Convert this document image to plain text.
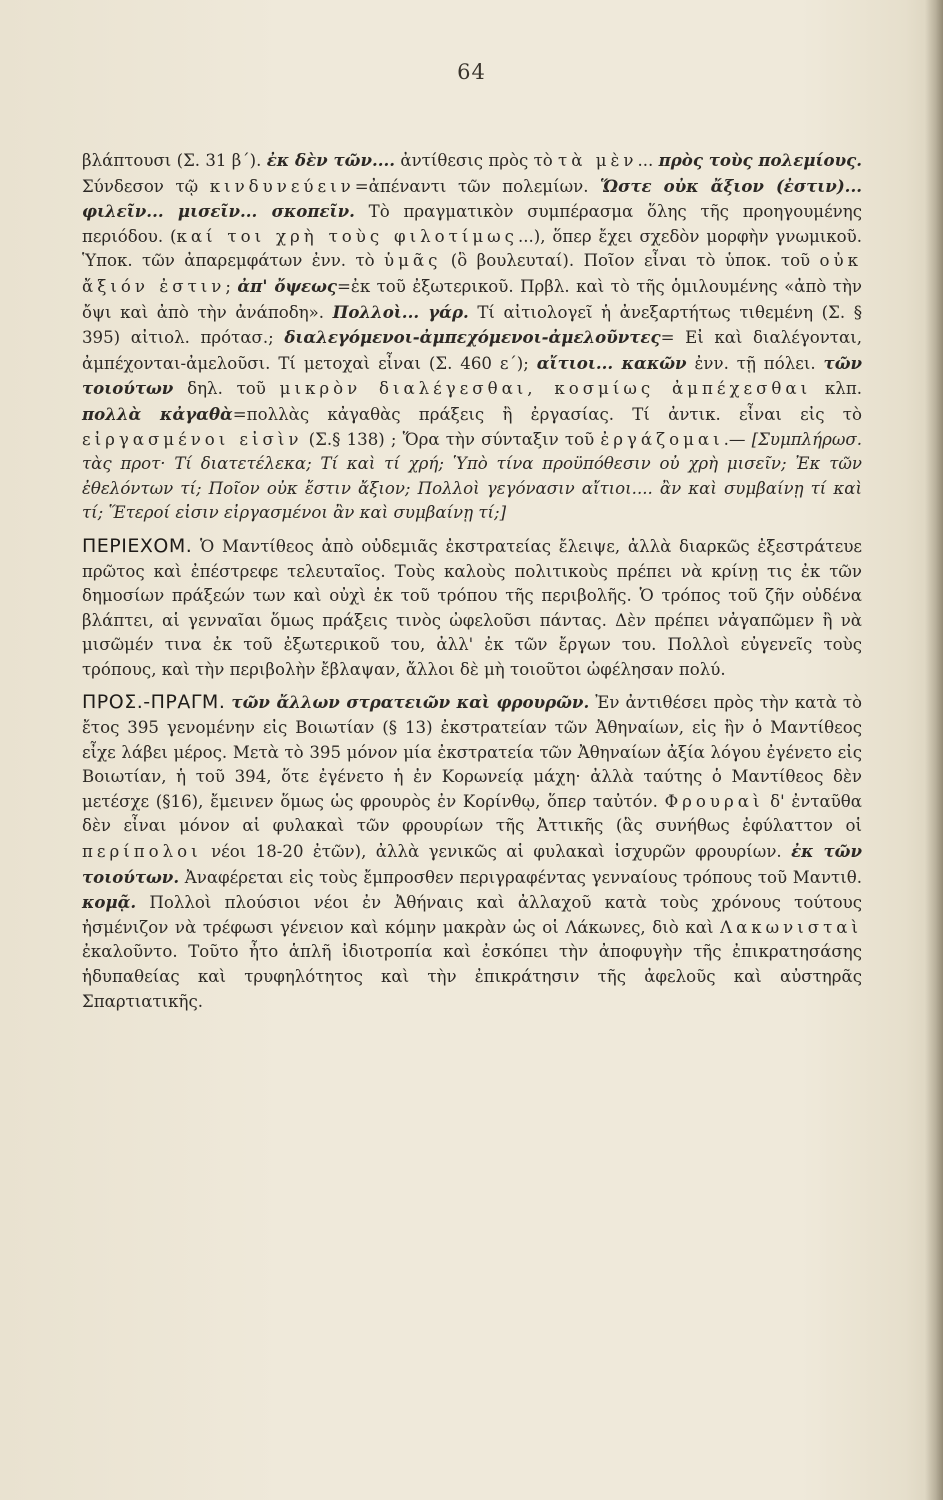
64

βλάπτουσι (Σ. 31 β΄). ἐκ δὲν τῶν.... ἀντίθεσις πρὸς τὸ τὰ μὲν... πρὸς τοὺς πολεμίους. Σύνδεσον τῷ κινδυνεύειν=ἀπέναντι τῶν πολεμίων. Ὥστε οὐκ ἄξιον (ἐστιν)... φιλεῖν... μισεῖν... σκοπεῖν. Τὸ πραγματικὸν συμπέρασμα ὅλης τῆς προηγουμένης περιόδου. (καί τοι χρὴ τοὺς φιλοτίμως...), ὅπερ ἔχει σχεδὸν μορφὴν γνωμικοῦ. Ὑποκ. τῶν ἀπαρεμφάτων ἐνν. τὸ ὑμᾶς (ὃ βουλευταί). Ποῖον εἶναι τὸ ὑποκ. τοῦ οὐκ ἄξιόν ἐστιν; ἀπ' ὄψεως=ἐκ τοῦ ἐξωτερικοῦ. Πρβλ. καὶ τὸ τῆς ὁμιλουμένης «ἀπὸ τὴν ὄψι καὶ ἀπὸ τὴν ἀνάποδη». Πολλοὶ... γάρ. Τί αἰτιολογεῖ ἡ ἀνεξαρτήτως τιθεμένη (Σ. § 395) αἰτιολ. πρότασ.; διαλεγόμενοι-ἀμπεχόμενοι-ἀμελοῦντες= Εἰ καὶ διαλέγονται, ἀμπέχονται-ἀμελοῦσι. Τί μετοχαὶ εἶναι (Σ. 460 ε΄); αἴτιοι... κακῶν ἐνν. τῇ πόλει. τῶν τοιούτων δηλ. τοῦ μικρὸν διαλέγεσθαι, κοσμίως ἀμπέχεσθαι κλπ. πολλὰ κἀγαθὰ=πολλὰς κἀγαθὰς πράξεις ἢ ἐργασίας. Τί ἀντικ. εἶναι εἰς τὸ εἰργασμένοι εἰσὶν (Σ.§ 138) ; Ὅρα τὴν σύνταξιν τοῦ ἐργάζομαι.— [Συμπλήρωσ. τὰς προτ· Τί διατετέλεκα; Τί καὶ τί χρή; Ὑπὸ τίνα προϋπόθεσιν οὐ χρὴ μισεῖν; Ἐκ τῶν ἐθελόντων τί; Ποῖον οὐκ ἔστιν ἄξιον; Πολλοὶ γεγόνασιν αἴτιοι.... ἂν καὶ συμβαίνῃ τί καὶ τί; Ἕτεροί εἰσιν εἰργασμένοι ἂν καὶ συμβαίνῃ τί;]

ΠΕΡΙΕΧΟΜ. Ὁ Μαντίθεος ἀπὸ οὐδεμιᾶς ἐκστρατείας ἔλειψε, ἀλλὰ διαρκῶς ἐξεστράτευε πρῶτος καὶ ἐπέστρεφε τελευταῖος. Τοὺς καλοὺς πολιτικοὺς πρέπει νὰ κρίνῃ τις ἐκ τῶν δημοσίων πράξεών των καὶ οὐχὶ ἐκ τοῦ τρόπου τῆς περιβολῆς. Ὁ τρόπος τοῦ ζῆν οὐδένα βλάπτει, αἱ γενναῖαι ὅμως πράξεις τινὸς ὠφελοῦσι πάντας. Δὲν πρέπει νἀγαπῶμεν ἢ νὰ μισῶμέν τινα ἐκ τοῦ ἐξωτερικοῦ του, ἀλλ' ἐκ τῶν ἔργων του. Πολλοὶ εὐγενεῖς τοὺς τρόπους, καὶ τὴν περιβολὴν ἔβλαψαν, ἄλλοι δὲ μὴ τοιοῦτοι ὠφέλησαν πολύ.

ΠΡΟΣ.-ΠΡΑΓΜ. τῶν ἄλλων στρατειῶν καὶ φρουρῶν. Ἐν ἀντιθέσει πρὸς τὴν κατὰ τὸ ἔτος 395 γενομένην εἰς Βοιωτίαν (§ 13) ἐκστρατείαν τῶν Ἀθηναίων, εἰς ἣν ὁ Μαντίθεος εἶχε λάβει μέρος. Μετὰ τὸ 395 μόνον μία ἐκστρατεία τῶν Ἀθηναίων ἀξία λόγου ἐγένετο εἰς Βοιωτίαν, ἡ τοῦ 394, ὅτε ἐγένετο ἡ ἐν Κορωνείᾳ μάχη· ἀλλὰ ταύτης ὁ Μαντίθεος δὲν μετέσχε (§16), ἔμεινεν ὅμως ὡς φρουρὸς ἐν Κορίνθῳ, ὅπερ ταὐτόν. Φρουραὶ δ' ἐνταῦθα δὲν εἶναι μόνον αἱ φυλακαὶ τῶν φρουρίων τῆς Ἀττικῆς (ἃς συνήθως ἐφύλαττον οἱ περίπολοι νέοι 18-20 ἐτῶν), ἀλλὰ γενικῶς αἱ φυλακαὶ ἰσχυρῶν φρουρίων. ἐκ τῶν τοιούτων. Ἀναφέρεται εἰς τοὺς ἔμπροσθεν περιγραφέντας γενναίους τρόπους τοῦ Μαντιθ. κομᾷ. Πολλοὶ πλούσιοι νέοι ἐν Ἀθήναις καὶ ἀλλαχοῦ κατὰ τοὺς χρόνους τούτους ἠσμένιζον νὰ τρέφωσι γένειον καὶ κόμην μακρὰν ὡς οἱ Λάκωνες, διὸ καὶ Λακωνισταὶ ἐκαλοῦντο. Τοῦτο ἦτο ἁπλῆ ἰδιοτροπία καὶ ἐσκόπει τὴν ἀποφυγὴν τῆς ἐπικρατησάσης ἡδυπαθείας καὶ τρυφηλότητος καὶ τὴν ἐπικράτησιν τῆς ἀφελοῦς καὶ αὐστηρᾶς Σπαρτιατικῆς.
